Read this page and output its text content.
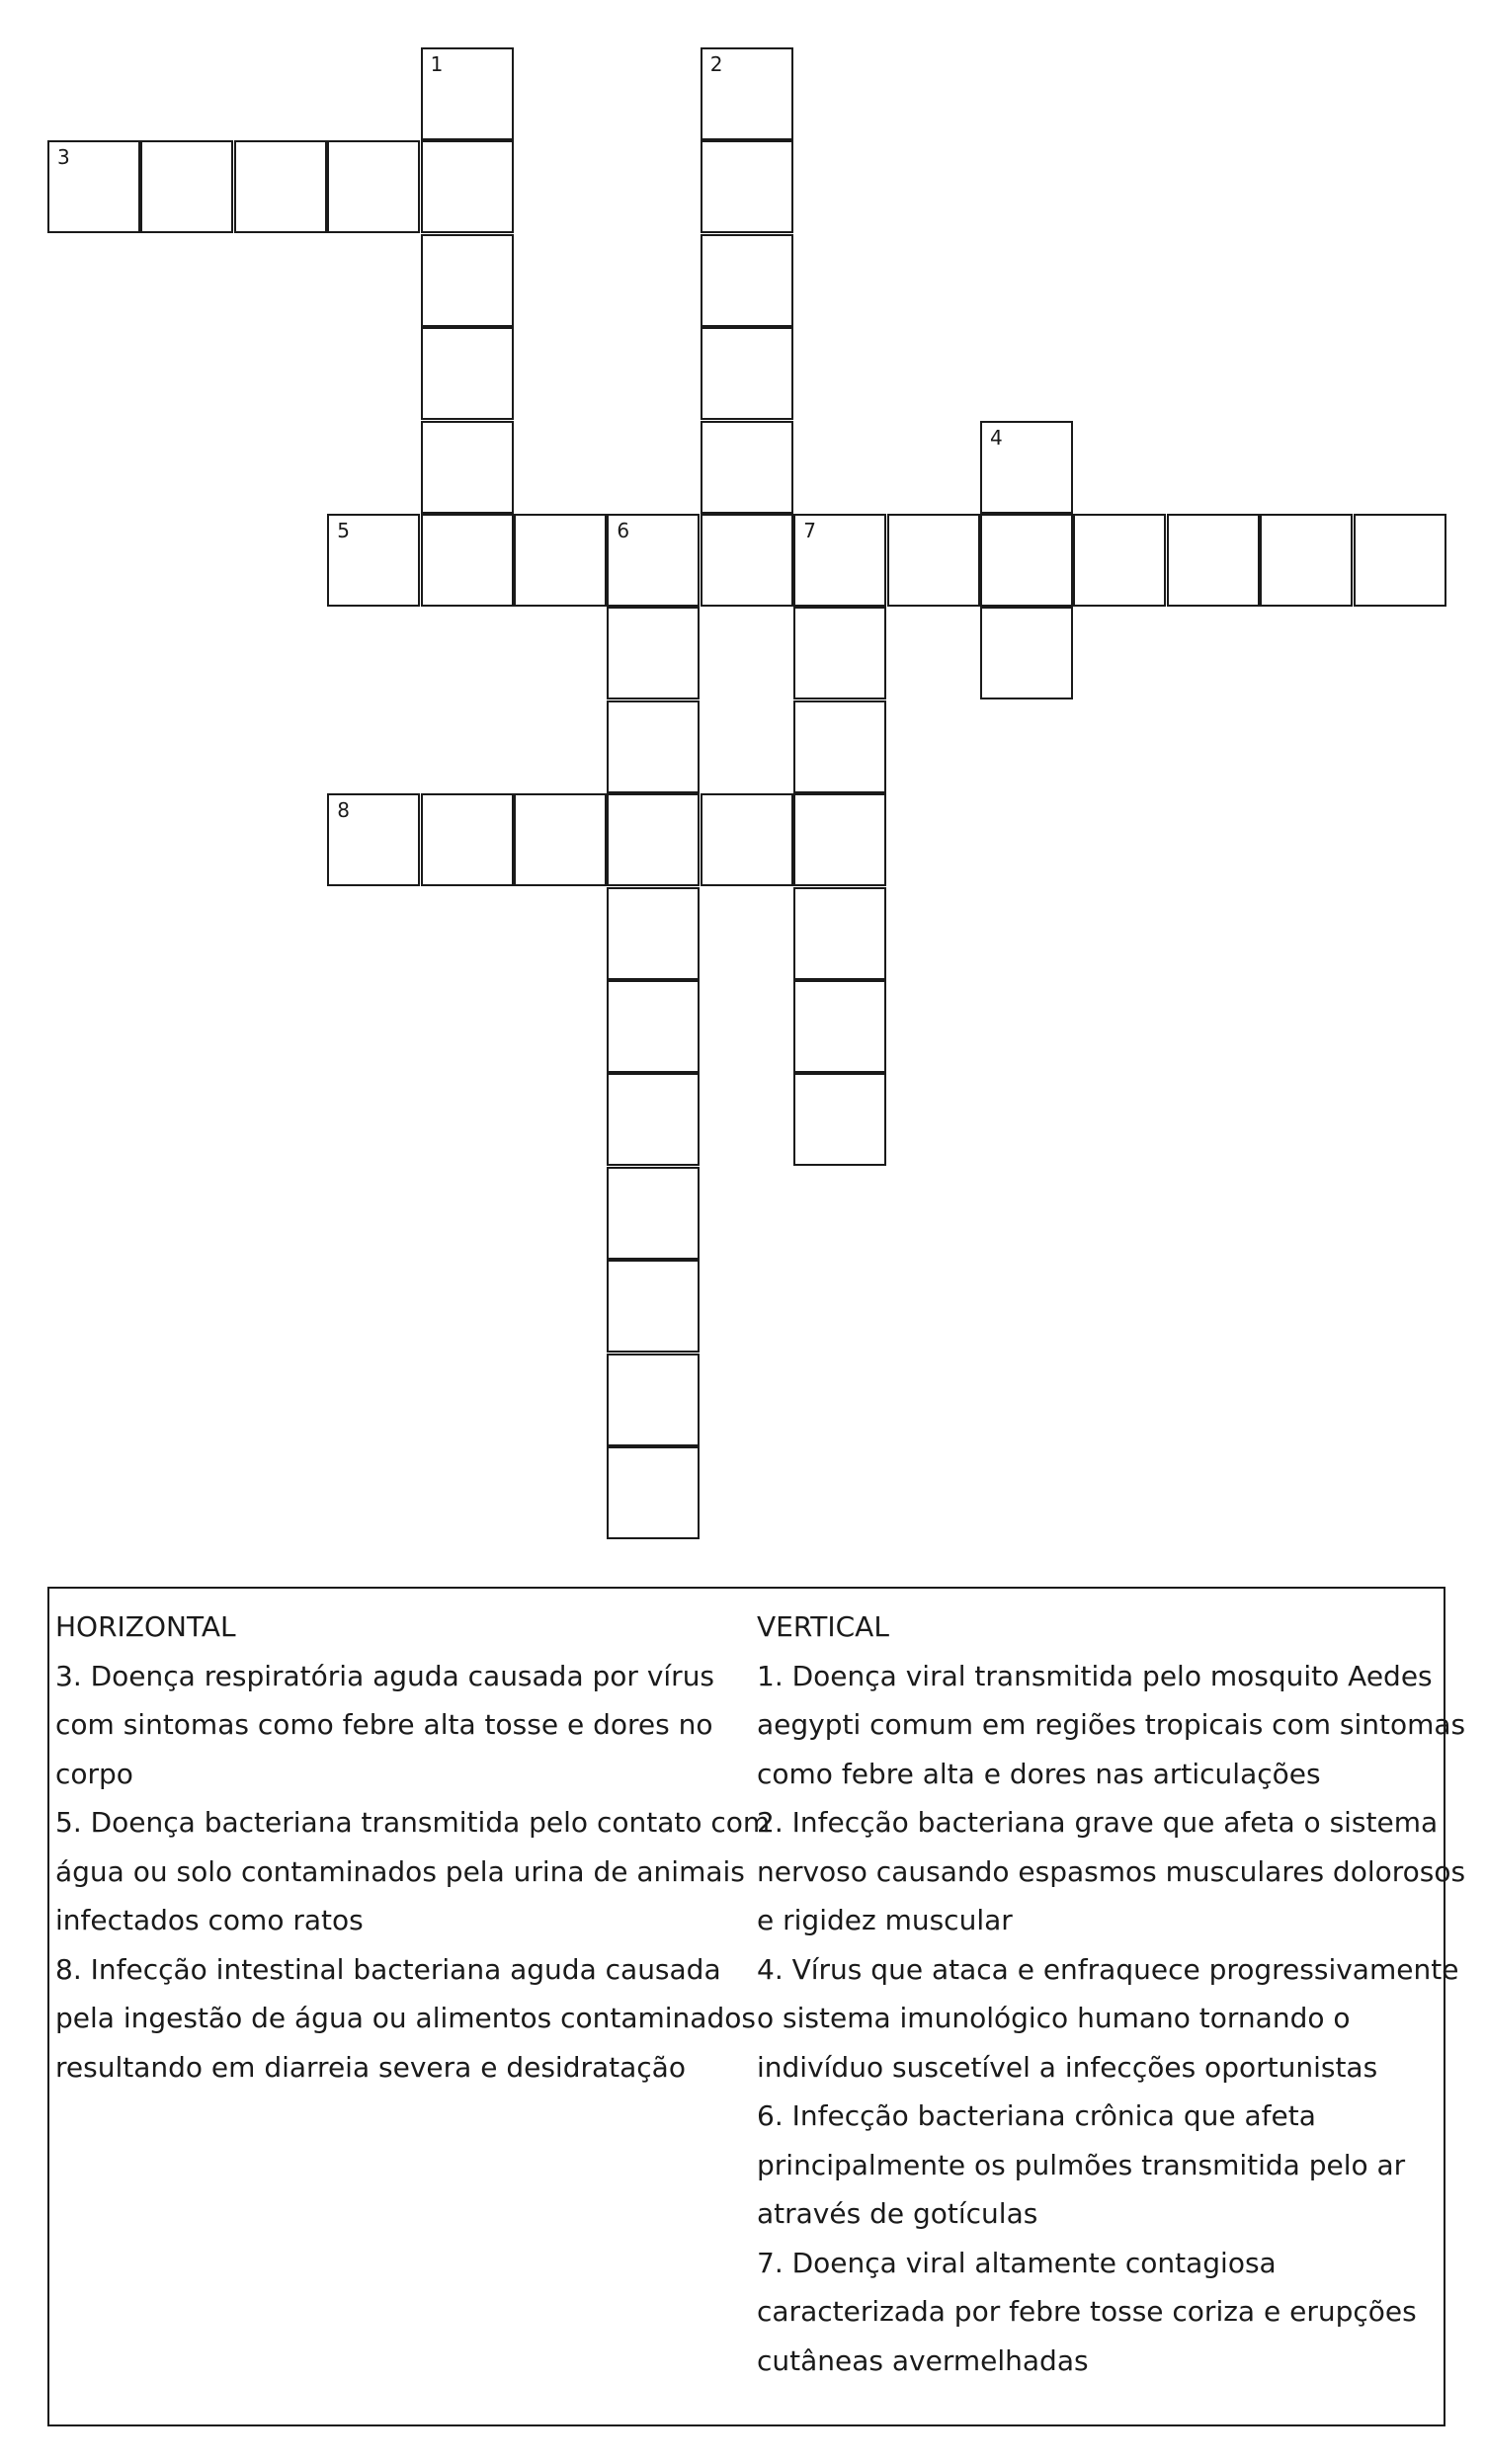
1	2
3
4
5	6	7
8
HORIZONTAL
3. Doença respiratória aguda causada por vírus
com sintomas como febre alta tosse e dores no
corpo
5. Doença bacteriana transmitida pelo contato com
água ou solo contaminados pela urina de animais
infectados como ratos
8. Infecção intestinal bacteriana aguda causada
pela ingestão de água ou alimentos contaminados
resultando em diarreia severa e desidratação
VERTICAL
1. Doença viral transmitida pelo mosquito Aedes
aegypti comum em regiões tropicais com sintomas
como febre alta e dores nas articulações
2. Infecção bacteriana grave que afeta o sistema
nervoso causando espasmos musculares dolorosos
e rigidez muscular
4. Vírus que ataca e enfraquece progressivamente
o sistema imunológico humano tornando o
indivíduo suscetível a infecções oportunistas
6. Infecção bacteriana crônica que afeta
principalmente os pulmões transmitida pelo ar
através de gotículas
7. Doença viral altamente contagiosa
caracterizada por febre tosse coriza e erupções
cutâneas avermelhadas
